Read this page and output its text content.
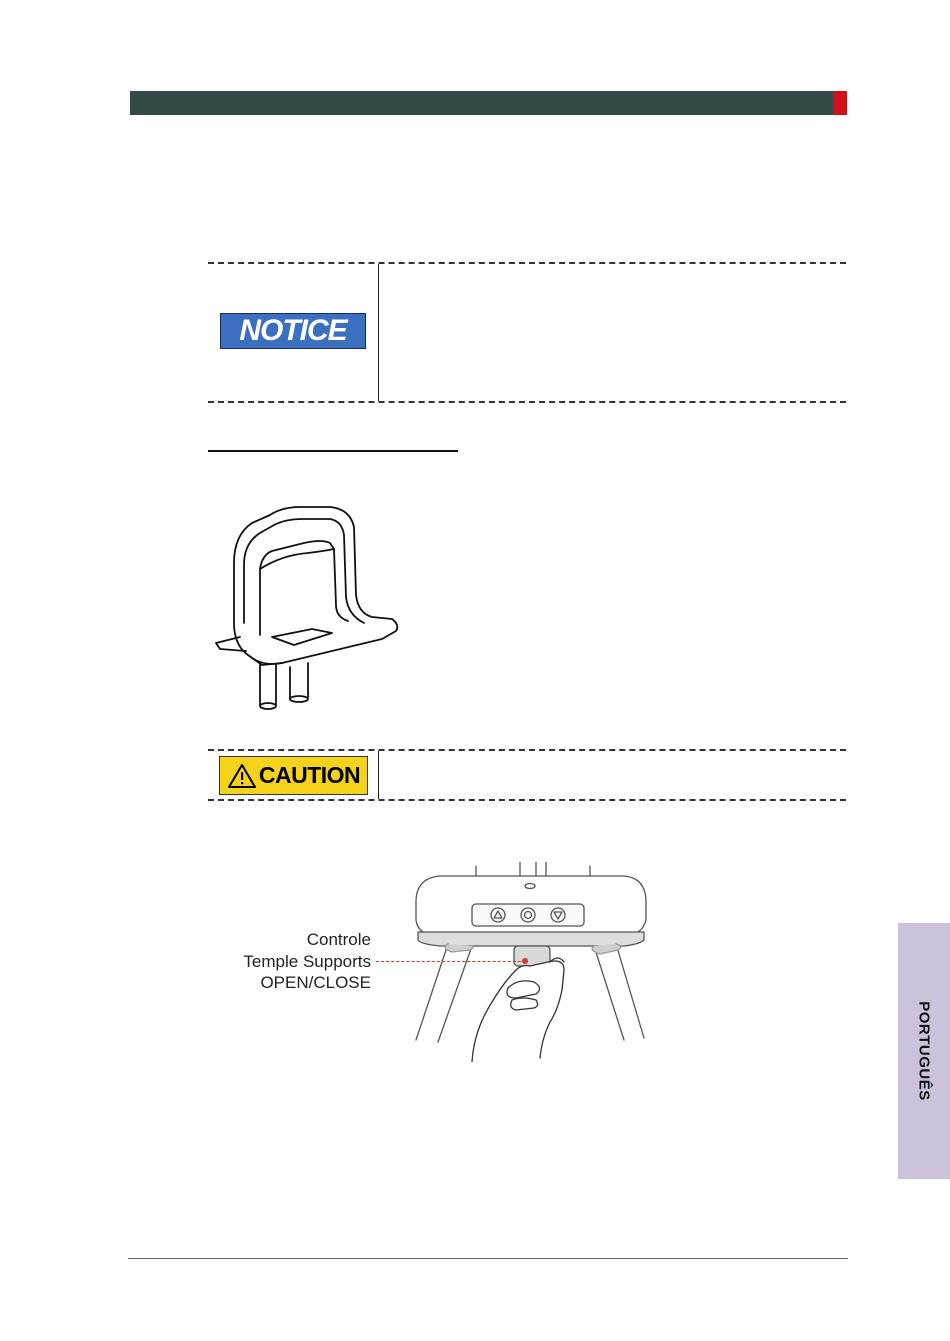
NOTICE
CAUTION
Controle
Temple Supports
OPEN/CLOSE
PORTUGUÊS
